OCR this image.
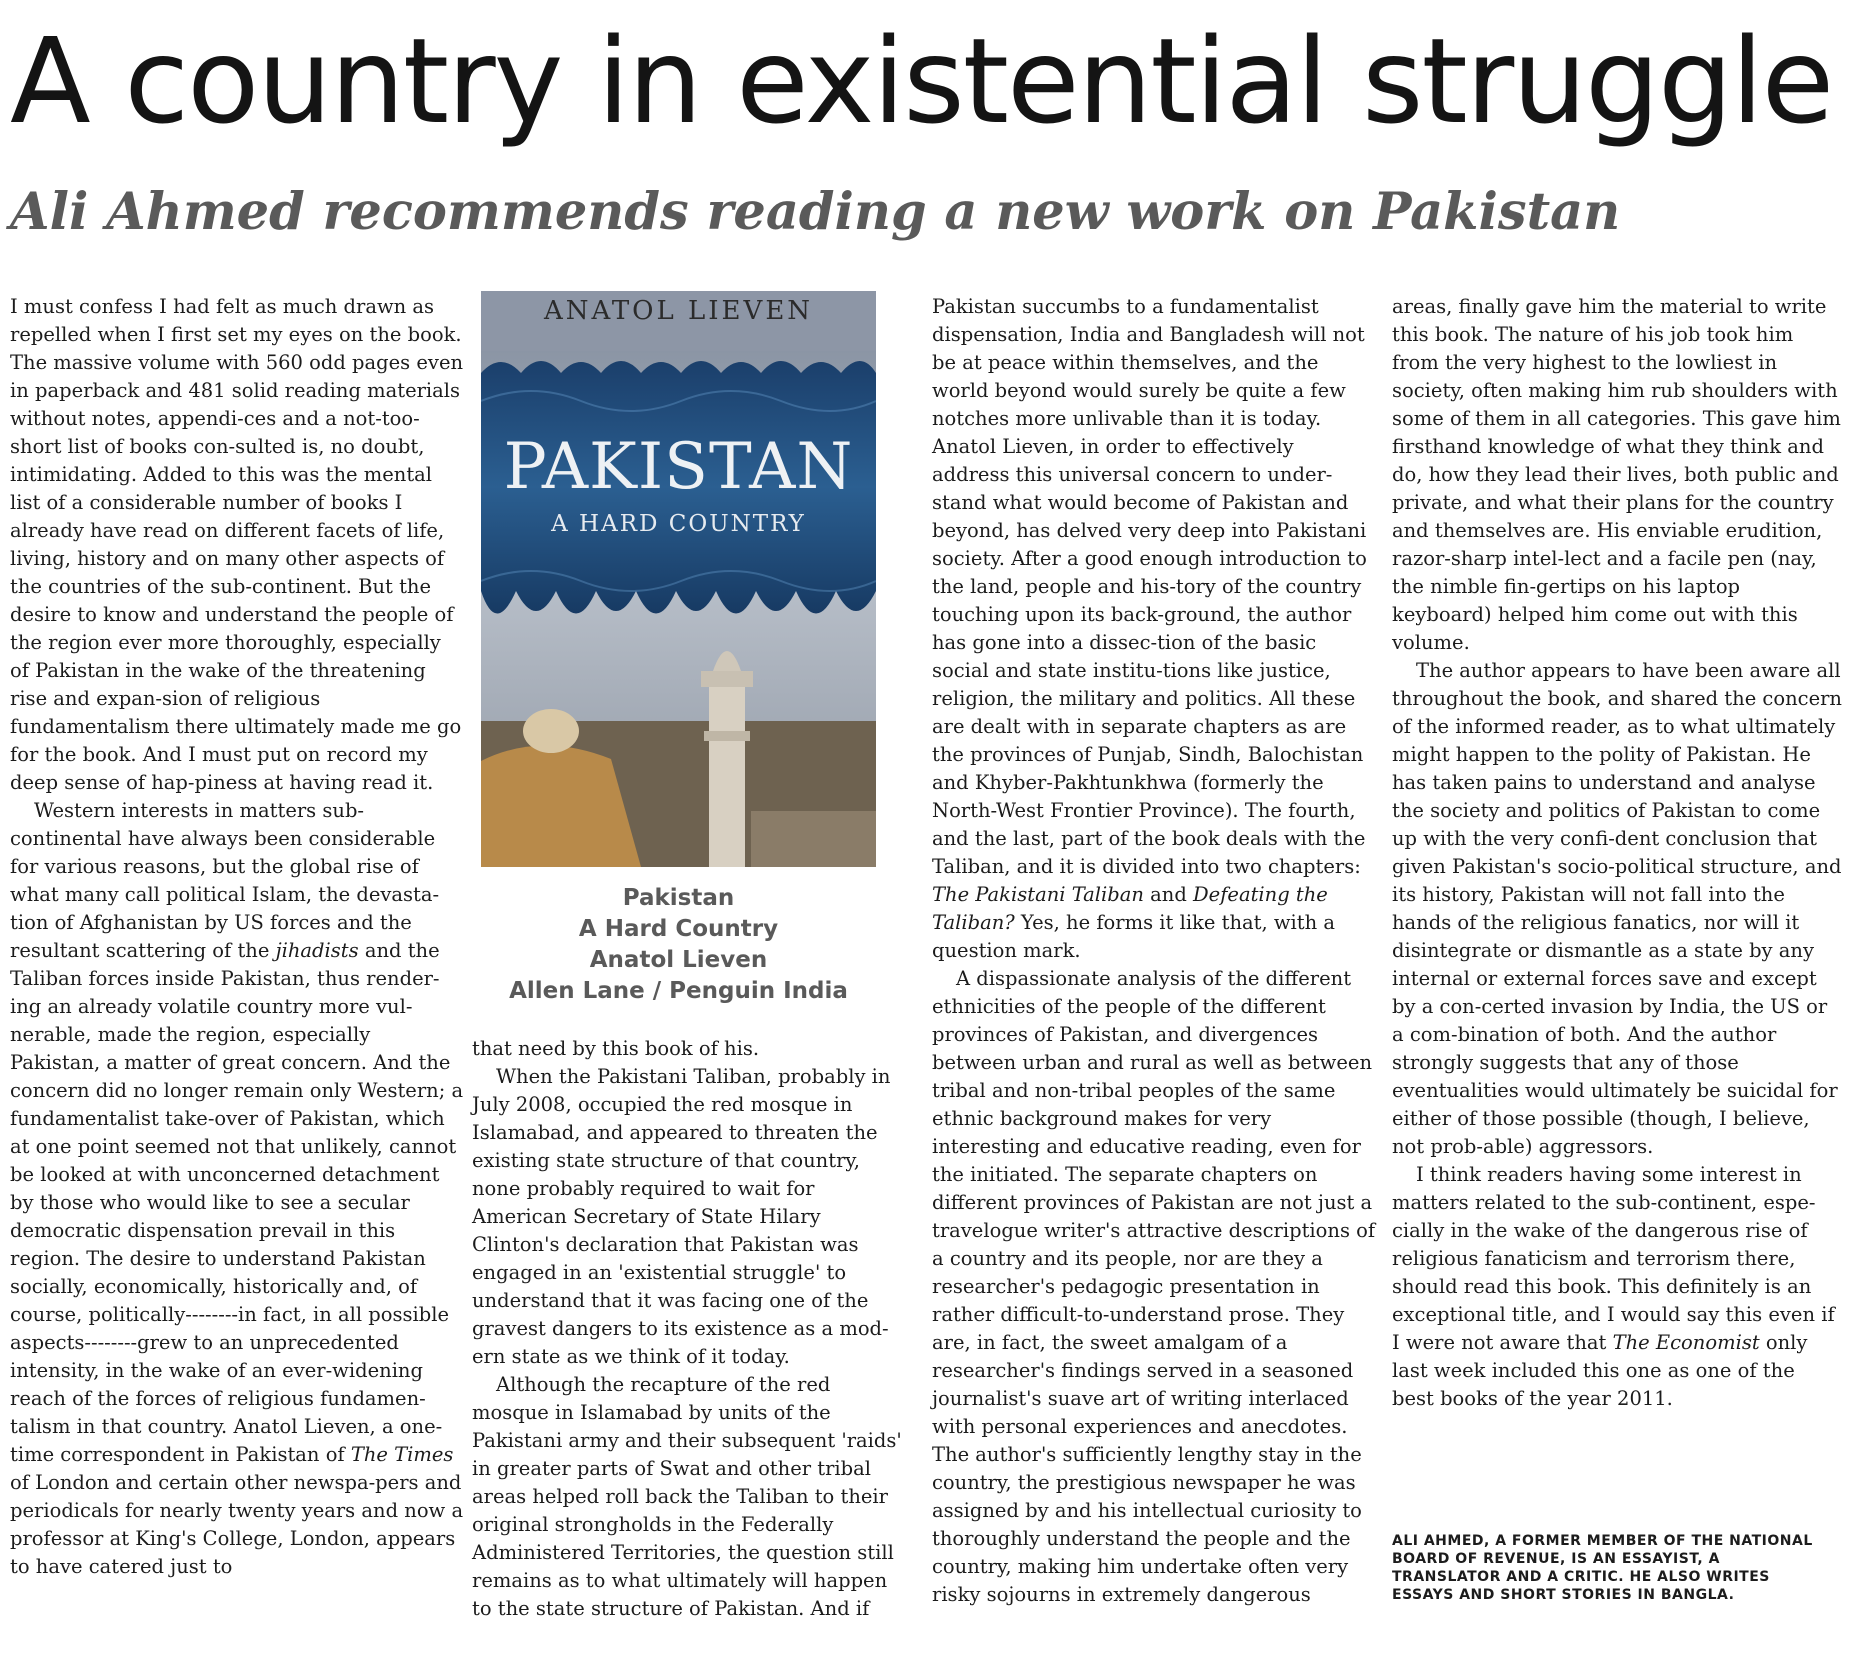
A country in existential struggle
Ali Ahmed recommends reading a new work on Pakistan

I must confess I had felt as much drawn as repelled when I first set my eyes on the book. The massive volume with 560 odd pages even in paperback and 481 solid reading materials without notes, appendi-ces and a not-too-short list of books con-sulted is, no doubt, intimidating. Added to this was the mental list of a considerable number of books I already have read on different facets of life, living, history and on many other aspects of the countries of the sub-continent. But the desire to know and understand the people of the region ever more thoroughly, especially of Pakistan in the wake of the threatening rise and expan-sion of religious fundamentalism there ultimately made me go for the book. And I must put on record my deep sense of hap-piness at having read it.

Western interests in matters sub-continental have always been considerable for various reasons, but the global rise of what many call political Islam, the devasta-tion of Afghanistan by US forces and the resultant scattering of the jihadists and the Taliban forces inside Pakistan, thus render-ing an already volatile country more vul-nerable, made the region, especially Pakistan, a matter of great concern. And the concern did no longer remain only Western; a fundamentalist take-over of Pakistan, which at one point seemed not that unlikely, cannot be looked at with unconcerned detachment by those who would like to see a secular democratic dispensation prevail in this region. The desire to understand Pakistan socially, economically, historically and, of course, politically--------in fact, in all possible aspects--------grew to an unprecedented intensity, in the wake of an ever-widening reach of the forces of religious fundamen-talism in that country. Anatol Lieven, a one-time correspondent in Pakistan of The Times of London and certain other newspa-pers and periodicals for nearly twenty years and now a professor at King's College, London, appears to have catered just to

ANATOL LIEVEN
PAKISTAN
A HARD COUNTRY
Pakistan
A Hard Country
Anatol Lieven
Allen Lane / Penguin India

that need by this book of his.

When the Pakistani Taliban, probably in July 2008, occupied the red mosque in Islamabad, and appeared to threaten the existing state structure of that country, none probably required to wait for American Secretary of State Hilary Clinton's declaration that Pakistan was engaged in an 'existential struggle' to understand that it was facing one of the gravest dangers to its existence as a mod-ern state as we think of it today.

Although the recapture of the red mosque in Islamabad by units of the Pakistani army and their subsequent 'raids' in greater parts of Swat and other tribal areas helped roll back the Taliban to their original strongholds in the Federally Administered Territories, the question still remains as to what ultimately will happen to the state structure of Pakistan. And if

Pakistan succumbs to a fundamentalist dispensation, India and Bangladesh will not be at peace within themselves, and the world beyond would surely be quite a few notches more unlivable than it is today. Anatol Lieven, in order to effectively address this universal concern to under-stand what would become of Pakistan and beyond, has delved very deep into Pakistani society. After a good enough introduction to the land, people and his-tory of the country touching upon its back-ground, the author has gone into a dissec-tion of the basic social and state institu-tions like justice, religion, the military and politics. All these are dealt with in separate chapters as are the provinces of Punjab, Sindh, Balochistan and Khyber-Pakhtunkhwa (formerly the North-West Frontier Province). The fourth, and the last, part of the book deals with the Taliban, and it is divided into two chapters: The Pakistani Taliban and Defeating the Taliban? Yes, he forms it like that, with a question mark.

A dispassionate analysis of the different ethnicities of the people of the different provinces of Pakistan, and divergences between urban and rural as well as between tribal and non-tribal peoples of the same ethnic background makes for very interesting and educative reading, even for the initiated. The separate chapters on different provinces of Pakistan are not just a travelogue writer's attractive descriptions of a country and its people, nor are they a researcher's pedagogic presentation in rather difficult-to-understand prose. They are, in fact, the sweet amalgam of a researcher's findings served in a seasoned journalist's suave art of writing interlaced with personal experiences and anecdotes. The author's sufficiently lengthy stay in the country, the prestigious newspaper he was assigned by and his intellectual curiosity to thoroughly understand the people and the country, making him undertake often very risky sojourns in extremely dangerous

areas, finally gave him the material to write this book. The nature of his job took him from the very highest to the lowliest in society, often making him rub shoulders with some of them in all categories. This gave him firsthand knowledge of what they think and do, how they lead their lives, both public and private, and what their plans for the country and themselves are. His enviable erudition, razor-sharp intel-lect and a facile pen (nay, the nimble fin-gertips on his laptop keyboard) helped him come out with this volume.

The author appears to have been aware all throughout the book, and shared the concern of the informed reader, as to what ultimately might happen to the polity of Pakistan. He has taken pains to understand and analyse the society and politics of Pakistan to come up with the very confi-dent conclusion that given Pakistan's socio-political structure, and its history, Pakistan will not fall into the hands of the religious fanatics, nor will it disintegrate or dismantle as a state by any internal or external forces save and except by a con-certed invasion by India, the US or a com-bination of both. And the author strongly suggests that any of those eventualities would ultimately be suicidal for either of those possible (though, I believe, not prob-able) aggressors.

I think readers having some interest in matters related to the sub-continent, espe-cially in the wake of the dangerous rise of religious fanaticism and terrorism there, should read this book. This definitely is an exceptional title, and I would say this even if I were not aware that The Economist only last week included this one as one of the best books of the year 2011.

ALI AHMED, A FORMER MEMBER OF THE NATIONAL BOARD OF REVENUE, IS AN ESSAYIST, A TRANSLATOR AND A CRITIC. HE ALSO WRITES ESSAYS AND SHORT STORIES IN BANGLA.
